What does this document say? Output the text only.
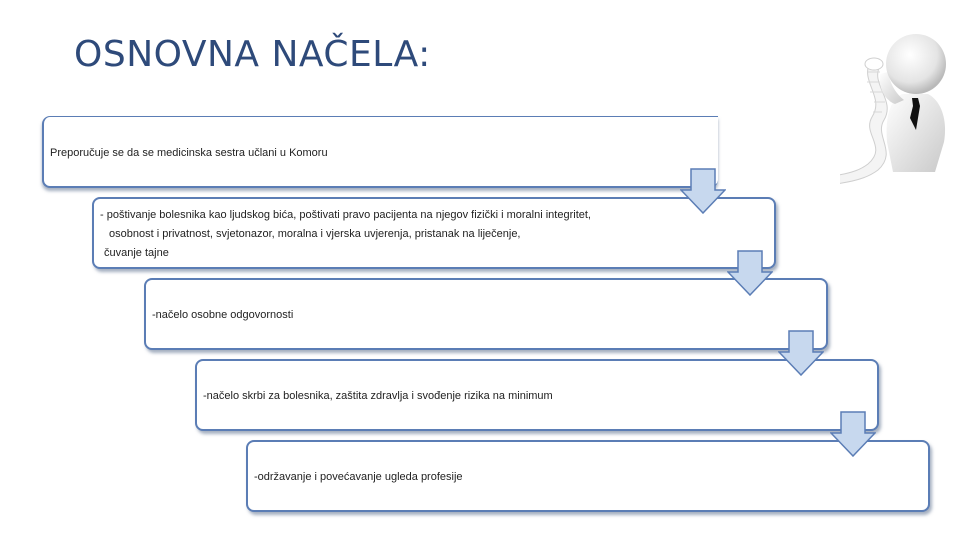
OSNOVNA NAČELA:
Preporučuje se da se medicinska sestra učlani u Komoru
- poštivanje bolesnika kao ljudskog bića, poštivati pravo pacijenta na njegov fizički i moralni integritet,
osobnost i privatnost, svjetonazor, moralna i vjerska uvjerenja, pristanak na liječenje,
čuvanje tajne
-načelo osobne odgovornosti
-načelo skrbi za bolesnika, zaštita zdravlja i svođenje rizika na minimum
-održavanje i povećavanje ugleda profesije
